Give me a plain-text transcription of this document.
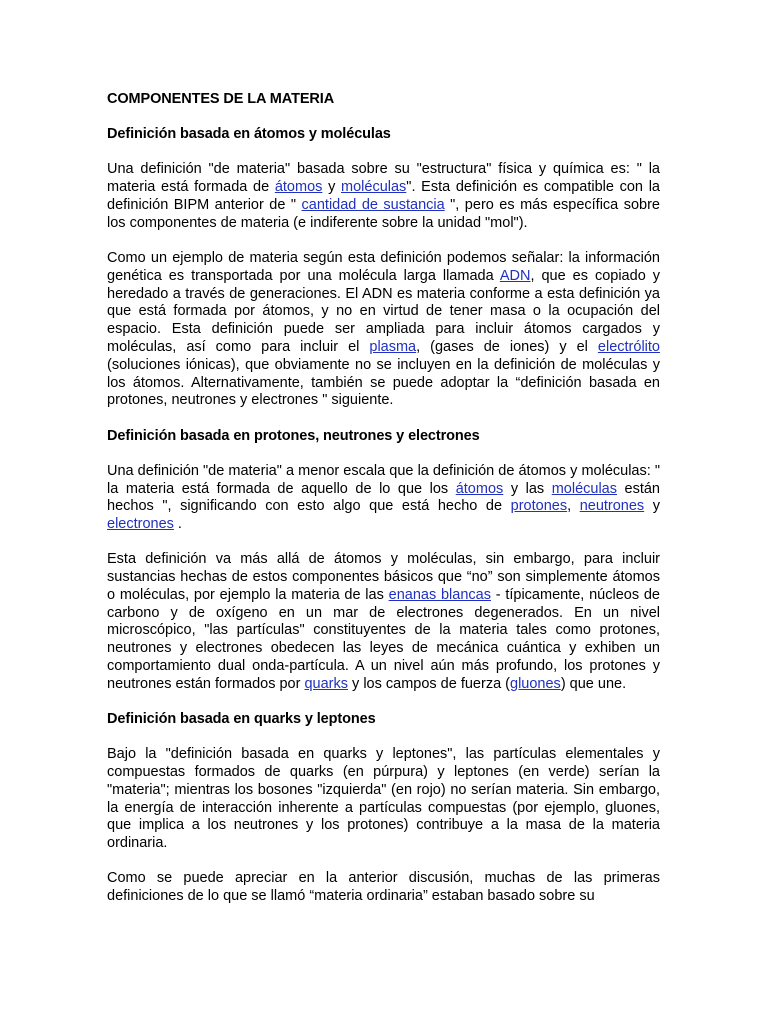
COMPONENTES DE LA MATERIA
Definición basada en átomos y moléculas

Una definición "de materia" basada sobre su "estructura" física y química es: " la materia está formada de átomos y moléculas". Esta definición es compatible con la definición BIPM anterior de " cantidad de sustancia ", pero es más específica sobre los componentes de materia (e indiferente sobre la unidad "mol").

Como un ejemplo de materia según esta definición podemos señalar: la información genética es transportada por una molécula larga llamada ADN, que es copiado y heredado a través de generaciones. El ADN es materia conforme a esta definición ya que está formada por átomos, y no en virtud de tener masa o la ocupación del espacio. Esta definición puede ser ampliada para incluir átomos cargados y moléculas, así como para incluir el plasma, (gases de iones) y el electrólito (soluciones iónicas), que obviamente no se incluyen en la definición de moléculas y los átomos. Alternativamente, también se puede adoptar la “definición basada en protones, neutrones y electrones " siguiente.

Definición basada en protones, neutrones y electrones

Una definición "de materia" a menor escala que la definición de átomos y moléculas: " la materia está formada de aquello de lo que los átomos y las moléculas están hechos ", significando con esto algo que está hecho de protones, neutrones y electrones .

Esta definición va más allá de átomos y moléculas, sin embargo, para incluir sustancias hechas de estos componentes básicos que “no” son simplemente átomos o moléculas, por ejemplo la materia de las enanas blancas - típicamente, núcleos de carbono y de oxígeno en un mar de electrones degenerados. En un nivel microscópico, "las partículas" constituyentes de la materia tales como protones, neutrones y electrones obedecen las leyes de mecánica cuántica y exhiben un comportamiento dual onda-partícula. A un nivel aún más profundo, los protones y neutrones están formados por quarks y los campos de fuerza (gluones) que une.

Definición basada en quarks y leptones

Bajo la "definición basada en quarks y leptones", las partículas elementales y compuestas formados de quarks (en púrpura) y leptones (en verde) serían la "materia"; mientras los bosones "izquierda" (en rojo) no serían materia. Sin embargo, la energía de interacción inherente a partículas compuestas (por ejemplo, gluones, que implica a los neutrones y los protones) contribuye a la masa de la materia ordinaria.

Como se puede apreciar en la anterior discusión, muchas de las primeras definiciones de lo que se llamó “materia ordinaria” estaban basado sobre su
